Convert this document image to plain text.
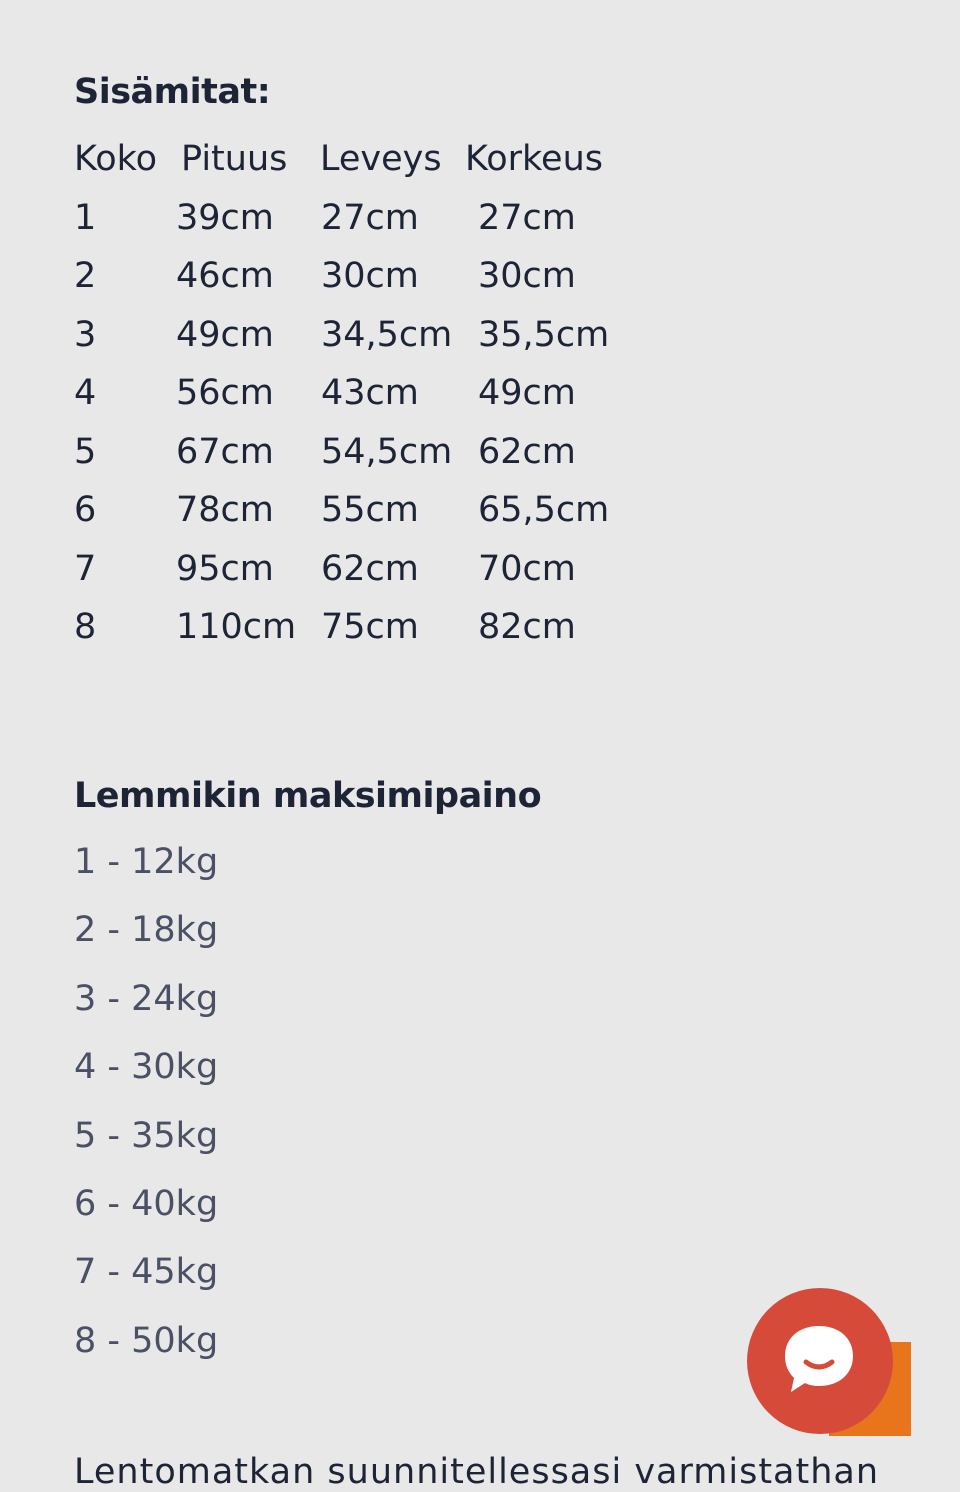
Sisämitat:
Koko Pituus Leveys Korkeus
1 39cm 27cm 27cm
2 46cm 30cm 30cm
3 49cm 34,5cm 35,5cm
4 56cm 43cm 49cm
5 67cm 54,5cm 62cm
6 78cm 55cm 65,5cm
7 95cm 62cm 70cm
8 110cm 75cm 82cm
Lemmikin maksimipaino
1 - 12kg
2 - 18kg
3 - 24kg
4 - 30kg
5 - 35kg
6 - 40kg
7 - 45kg
8 - 50kg
Lentomatkan suunnitellessasi varmistathan
